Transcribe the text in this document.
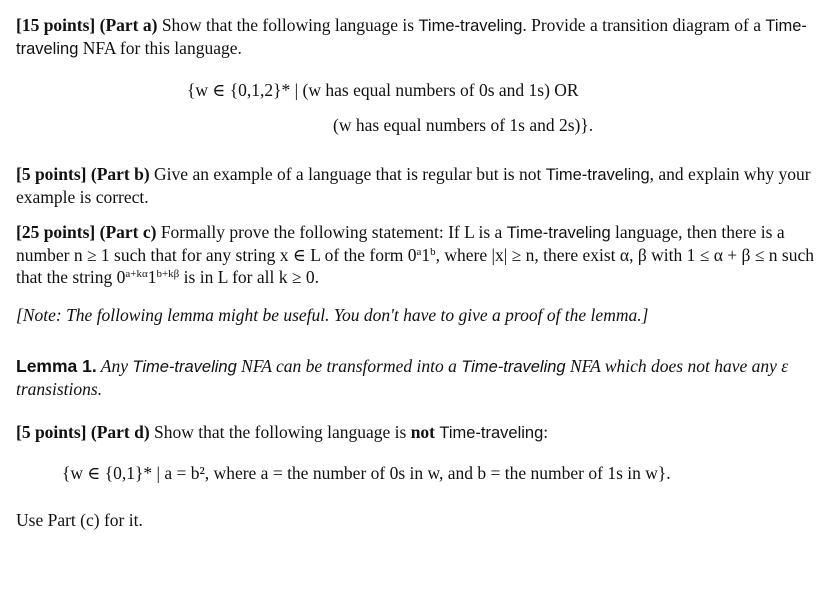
[15 points] (Part a) Show that the following language is Time-traveling. Provide a transition diagram of a Time-traveling NFA for this language.

{w ∈ {0,1,2}* | (w has equal numbers of 0s and 1s) OR
(w has equal numbers of 1s and 2s)}.

[5 points] (Part b) Give an example of a language that is regular but is not Time-traveling, and explain why your example is correct.

[25 points] (Part c) Formally prove the following statement: If L is a Time-traveling language, then there is a number n ≥ 1 such that for any string x ∈ L of the form 0$^a$1$^b$, where |x| ≥ n, there exist α, β with 1 ≤ α + β ≤ n such that the string $0^{a+k\alpha}1^{b+k\beta}$ is in L for all k ≥ 0.

[Note: The following lemma might be useful. You don't have to give a proof of the lemma.]

Lemma 1. Any Time-traveling NFA can be transformed into a Time-traveling NFA which does not have any ε transistions.

[5 points] (Part d) Show that the following language is not Time-traveling:

{w ∈ {0,1}* | a = b², where a = the number of 0s in w, and b = the number of 1s in w}.

Use Part (c) for it.
